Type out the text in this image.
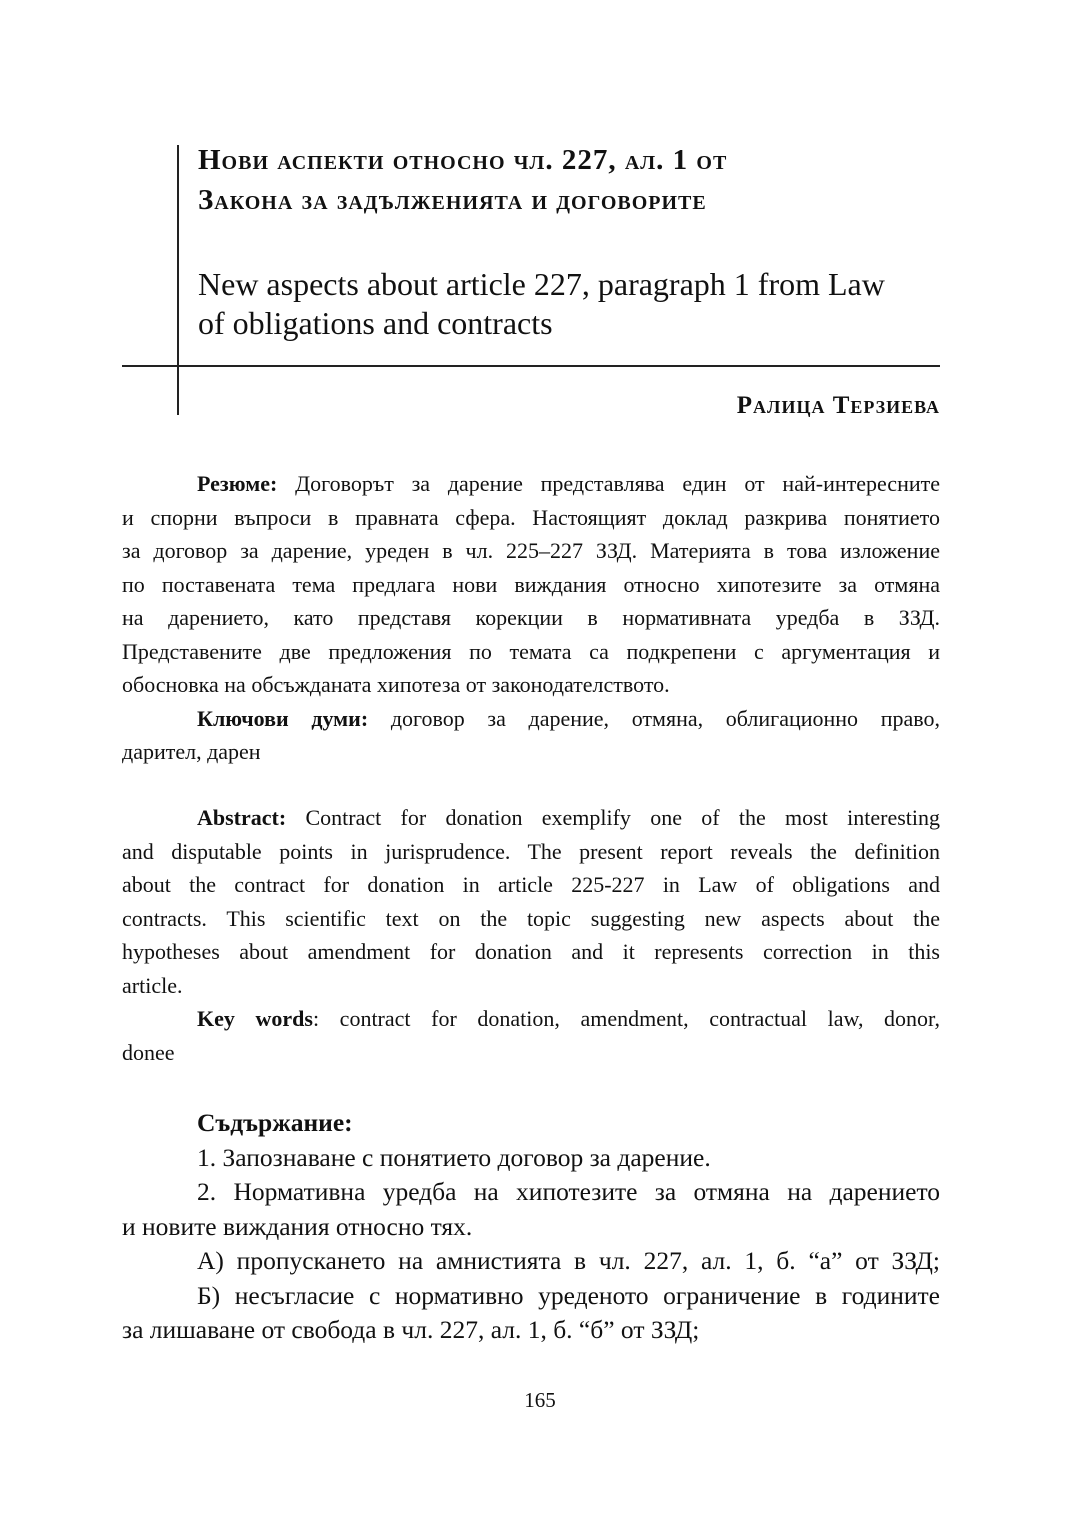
Нови аспекти относно чл. 227, ал. 1 от
Закона за задълженията и договорите
New aspects about article 227, paragraph 1 from Law
of obligations and contracts
Ралица Терзиева
Резюме: Договорът за дарение представлява един от най-интересните
и спорни въпроси в правната сфера. Настоящият доклад разкрива понятието
за договор за дарение, уреден в чл. 225–227 ЗЗД. Материята в това изложение
по поставената тема предлага нови виждания относно хипотезите за отмяна
на дарението, като представя корекции в нормативната уредба в ЗЗД.
Представените две предложения по темата са подкрепени с аргументация и
обосновка на обсъжданата хипотеза от законодателството.
Ключови думи: договор за дарение, отмяна, облигационно право,
дарител, дарен
Abstract: Contract for donation exemplify one of the most interesting
and disputable points in jurisprudence. The present report reveals the definition
about the contract for donation in article 225-227 in Law of obligations and
contracts. This scientific text on the topic suggesting new aspects about the
hypotheses about amendment for donation and it represents correction in this
article.
Key words: contract for donation, amendment, contractual law, donor,
donee
Съдържание:
1. Запознаване с понятието договор за дарение.
2. Нормативна уредба на хипотезите за отмяна на дарението
и новите виждания относно тях.
А) пропускането на амнистията в чл. 227, ал. 1, б. “а” от ЗЗД;
Б) несъгласие с нормативно уреденото ограничение в годините
за лишаване от свобода в чл. 227, ал. 1, б. “б” от ЗЗД;
165
